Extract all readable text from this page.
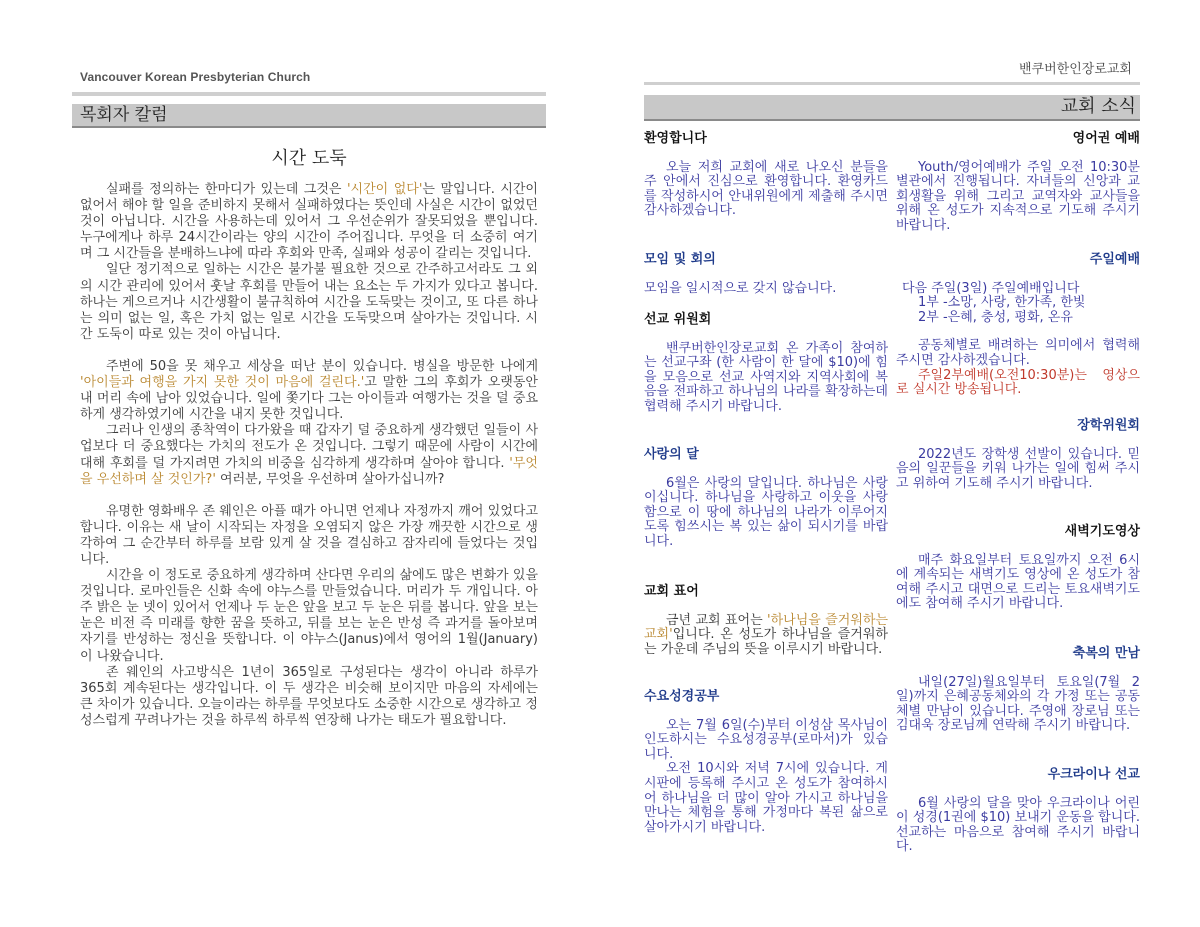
Vancouver Korean Presbyterian Church
목회자 칼럼
시간 도둑

실패를 정의하는 한마디가 있는데 그것은 '시간이 없다'는 말입니다. 시간이 없어서 해야 할 일을 준비하지 못해서 실패하였다는 뜻인데 사실은 시간이 없었던 것이 아닙니다. 시간을 사용하는데 있어서 그 우선순위가 잘못되었을 뿐입니다. 누구에게나 하루 24시간이라는 양의 시간이 주어집니다. 무엇을 더 소중히 여기며 그 시간들을 분배하느냐에 따라 후회와 만족, 실패와 성공이 갈리는 것입니다.

일단 정기적으로 일하는 시간은 불가불 필요한 것으로 간주하고서라도 그 외의 시간 관리에 있어서 훗날 후회를 만들어 내는 요소는 두 가지가 있다고 봅니다. 하나는 게으르거나 시간생활이 불규칙하여 시간을 도둑맞는 것이고, 또 다른 하나는 의미 없는 일, 혹은 가치 없는 일로 시간을 도둑맞으며 살아가는 것입니다. 시간 도둑이 따로 있는 것이 아닙니다.

주변에 50을 못 채우고 세상을 떠난 분이 있습니다. 병실을 방문한 나에게 '아이들과 여행을 가지 못한 것이 마음에 걸린다.'고 말한 그의 후회가 오랫동안 내 머리 속에 남아 있었습니다. 일에 쫓기다 그는 아이들과 여행가는 것을 덜 중요하게 생각하였기에 시간을 내지 못한 것입니다.

그러나 인생의 종착역이 다가왔을 때 갑자기 덜 중요하게 생각했던 일들이 사업보다 더 중요했다는 가치의 전도가 온 것입니다. 그렇기 때문에 사람이 시간에 대해 후회를 덜 가지려면 가치의 비중을 심각하게 생각하며 살아야 합니다. '무엇을 우선하며 살 것인가?' 여러분, 무엇을 우선하며 살아가십니까?

유명한 영화배우 존 웨인은 아플 때가 아니면 언제나 자정까지 깨어 있었다고 합니다. 이유는 새 날이 시작되는 자정을 오염되지 않은 가장 깨끗한 시간으로 생각하여 그 순간부터 하루를 보람 있게 살 것을 결심하고 잠자리에 들었다는 것입니다.

시간을 이 정도로 중요하게 생각하며 산다면 우리의 삶에도 많은 변화가 있을 것입니다. 로마인들은 신화 속에 야누스를 만들었습니다. 머리가 두 개입니다. 아주 밝은 눈 넷이 있어서 언제나 두 눈은 앞을 보고 두 눈은 뒤를 봅니다. 앞을 보는 눈은 비전 즉 미래를 향한 꿈을 뜻하고, 뒤를 보는 눈은 반성 즉 과거를 돌아보며 자기를 반성하는 정신을 뜻합니다. 이 야누스(Janus)에서 영어의 1월(January)이 나왔습니다.

존 웨인의 사고방식은 1년이 365일로 구성된다는 생각이 아니라 하루가 365회 계속된다는 생각입니다. 이 두 생각은 비슷해 보이지만 마음의 자세에는 큰 차이가 있습니다. 오늘이라는 하루를 무엇보다도 소중한 시간으로 생각하고 정성스럽게 꾸려나가는 것을 하루씩 하루씩 연장해 나가는 태도가 필요합니다.

밴쿠버한인장로교회
교회 소식

환영합니다

오늘 저희 교회에 새로 나오신 분들을 주 안에서 진심으로 환영합니다. 환영카드를 작성하시어 안내위원에게 제출해 주시면 감사하겠습니다.

모임 및 회의

모임을 일시적으로 갖지 않습니다.

선교 위원회

밴쿠버한인장로교회 온 가족이 참여하는 선교구좌 (한 사람이 한 달에 $10)에 힘을 모음으로 선교 사역지와 지역사회에 복음을 전파하고 하나님의 나라를 확장하는데 협력해 주시기 바랍니다.

사랑의 달

6월은 사랑의 달입니다. 하나님은 사랑이십니다. 하나님을 사랑하고 이웃을 사랑함으로 이 땅에 하나님의 나라가 이루어지도록 힘쓰시는 복 있는 삶이 되시기를 바랍니다.

교회 표어

금년 교회 표어는 '하나님을 즐거워하는 교회'입니다. 온 성도가 하나님을 즐거워하는 가운데 주님의 뜻을 이루시기 바랍니다.

수요성경공부

오는 7월 6일(수)부터 이성삼 목사님이 인도하시는 수요성경공부(로마서)가 있습니다.

오전 10시와 저녁 7시에 있습니다. 게시판에 등록해 주시고 온 성도가 참여하시어 하나님을 더 많이 알아 가시고 하나님을 만나는 체험을 통해 가정마다 복된 삶으로 살아가시기 바랍니다.

영어권 예배

Youth/영어예배가 주일 오전 10:30분 별관에서 진행됩니다. 자녀들의 신앙과 교회생활을 위해 그리고 교역자와 교사들을 위해 온 성도가 지속적으로 기도해 주시기 바랍니다.

주일예배

다음 주일(3일) 주일예배입니다

1부 -소망, 사랑, 한가족, 한빛

2부 -은혜, 충성, 평화, 온유

공동체별로 배려하는 의미에서 협력해 주시면 감사하겠습니다.

주일2부예배(오전10:30분)는 영상으로 실시간 방송됩니다.

장학위원회

2022년도 장학생 선발이 있습니다. 믿음의 일꾼들을 키워 나가는 일에 힘써 주시고 위하여 기도해 주시기 바랍니다.

새벽기도영상

매주 화요일부터 토요일까지 오전 6시에 계속되는 새벽기도 영상에 온 성도가 참여해 주시고 대면으로 드리는 토요새벽기도에도 참여해 주시기 바랍니다.

축복의 만남

내일(27일)월요일부터 토요일(7월 2일)까지 은혜공동체와의 각 가정 또는 공동체별 만남이 있습니다. 주영애 장로님 또는 김대욱 장로님께 연락해 주시기 바랍니다.

우크라이나 선교

6월 사랑의 달을 맞아 우크라이나 어린이 성경(1권에 $10) 보내기 운동을 합니다. 선교하는 마음으로 참여해 주시기 바랍니다.
